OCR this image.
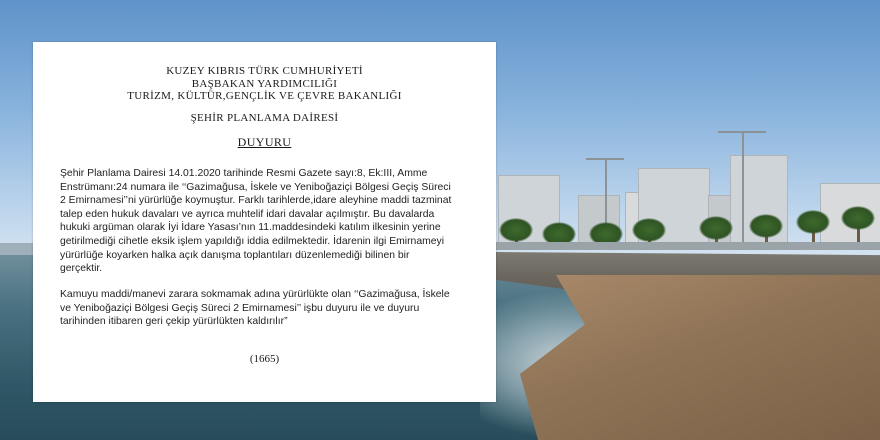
KUZEY KIBRIS TÜRK CUMHURİYETİ
BAŞBAKAN YARDIMCILIĞI
TURİZM, KÜLTÜR,GENÇLİK VE ÇEVRE BAKANLIĞI
ŞEHİR PLANLAMA DAİRESİ
DUYURU

Şehir Planlama Dairesi 14.01.2020 tarihinde Resmi Gazete sayı:8, Ek:III, Amme
Enstrümanı:24 numara ile ‘‘Gazimağusa, İskele ve Yeniboğaziçi Bölgesi Geçiş Süreci
2 Emirnamesi’’ni yürürlüğe koymuştur. Farklı tarihlerde,idare aleyhine maddi tazminat
talep eden hukuk davaları ve ayrıca muhtelif idari davalar açılmıştır. Bu davalarda
hukuki argüman olarak İyi İdare Yasası’nın 11.maddesindeki katılım ilkesinin yerine
getirilmediği cihetle eksik işlem yapıldığı iddia edilmektedir. İdarenin ilgi Emirnameyi
yürürlüğe koyarken halka açık danışma toplantıları düzenlemediği bilinen bir
gerçektir.

Kamuyu maddi/manevi zarara sokmamak adına yürürlükte olan ‘‘Gazimağusa, İskele
ve Yeniboğaziçi Bölgesi Geçiş Süreci 2 Emirnamesi’’ işbu duyuru ile ve duyuru
tarihinden itibaren geri çekip yürürlükten kaldırılır”

(1665)
